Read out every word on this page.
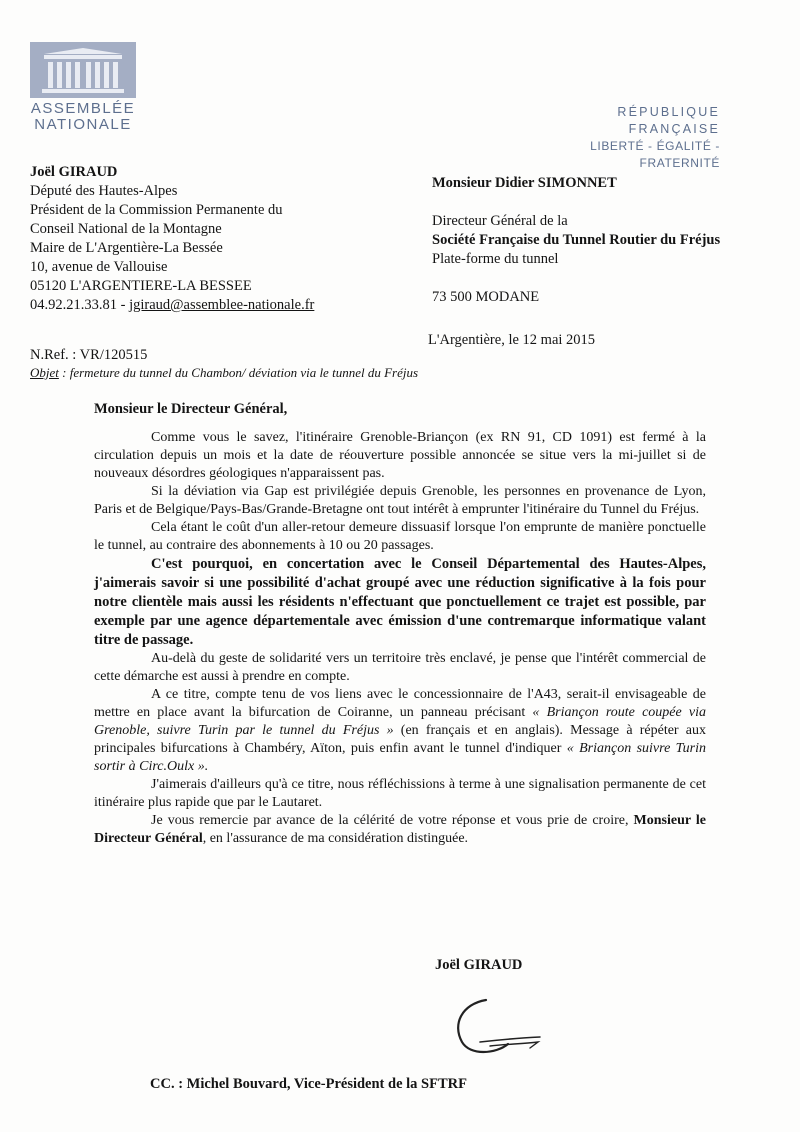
ASSEMBLÉE
NATIONALE
RÉPUBLIQUE FRANÇAISE
LIBERTÉ - ÉGALITÉ - FRATERNITÉ
Joël GIRAUD
Député des Hautes-Alpes
Président de la Commission Permanente du
Conseil National de la Montagne
Maire de L'Argentière-La Bessée
10, avenue de Vallouise
05120 L'ARGENTIERE-LA BESSEE
04.92.21.33.81 - jgiraud@assemblee-nationale.fr
Monsieur Didier SIMONNET
Directeur Général de la
Société Française du Tunnel Routier du Fréjus
Plate-forme du tunnel
73 500 MODANE
L'Argentière, le 12 mai 2015
N.Ref. : VR/120515
Objet : fermeture du tunnel du Chambon/ déviation via le tunnel du Fréjus
Monsieur le Directeur Général,

Comme vous le savez, l'itinéraire Grenoble-Briançon (ex RN 91, CD 1091) est fermé à la circulation depuis un mois et la date de réouverture possible annoncée se situe vers la mi-juillet si de nouveaux désordres géologiques n'apparaissent pas.

Si la déviation via Gap est privilégiée depuis Grenoble, les personnes en provenance de Lyon, Paris et de Belgique/Pays-Bas/Grande-Bretagne ont tout intérêt à emprunter l'itinéraire du Tunnel du Fréjus.

Cela étant le coût d'un aller-retour demeure dissuasif lorsque l'on emprunte de manière ponctuelle le tunnel, au contraire des abonnements à 10 ou 20 passages.

C'est pourquoi, en concertation avec le Conseil Départemental des Hautes-Alpes, j'aimerais savoir si une possibilité d'achat groupé avec une réduction significative à la fois pour notre clientèle mais aussi les résidents n'effectuant que ponctuellement ce trajet est possible, par exemple par une agence départementale avec émission d'une contremarque informatique valant titre de passage.

Au-delà du geste de solidarité vers un territoire très enclavé, je pense que l'intérêt commercial de cette démarche est aussi à prendre en compte.

A ce titre, compte tenu de vos liens avec le concessionnaire de l'A43, serait-il envisageable de mettre en place avant la bifurcation de Coiranne, un panneau précisant « Briançon route coupée via Grenoble, suivre Turin par le tunnel du Fréjus » (en français et en anglais). Message à répéter aux principales bifurcations à Chambéry, Aïton, puis enfin avant le tunnel d'indiquer « Briançon suivre Turin sortir à Circ.Oulx ».

J'aimerais d'ailleurs qu'à ce titre, nous réfléchissions à terme à une signalisation permanente de cet itinéraire plus rapide que par le Lautaret.

Je vous remercie par avance de la célérité de votre réponse et vous prie de croire, Monsieur le Directeur Général, en l'assurance de ma considération distinguée.

Joël GIRAUD
CC. : Michel Bouvard, Vice-Président de la SFTRF
